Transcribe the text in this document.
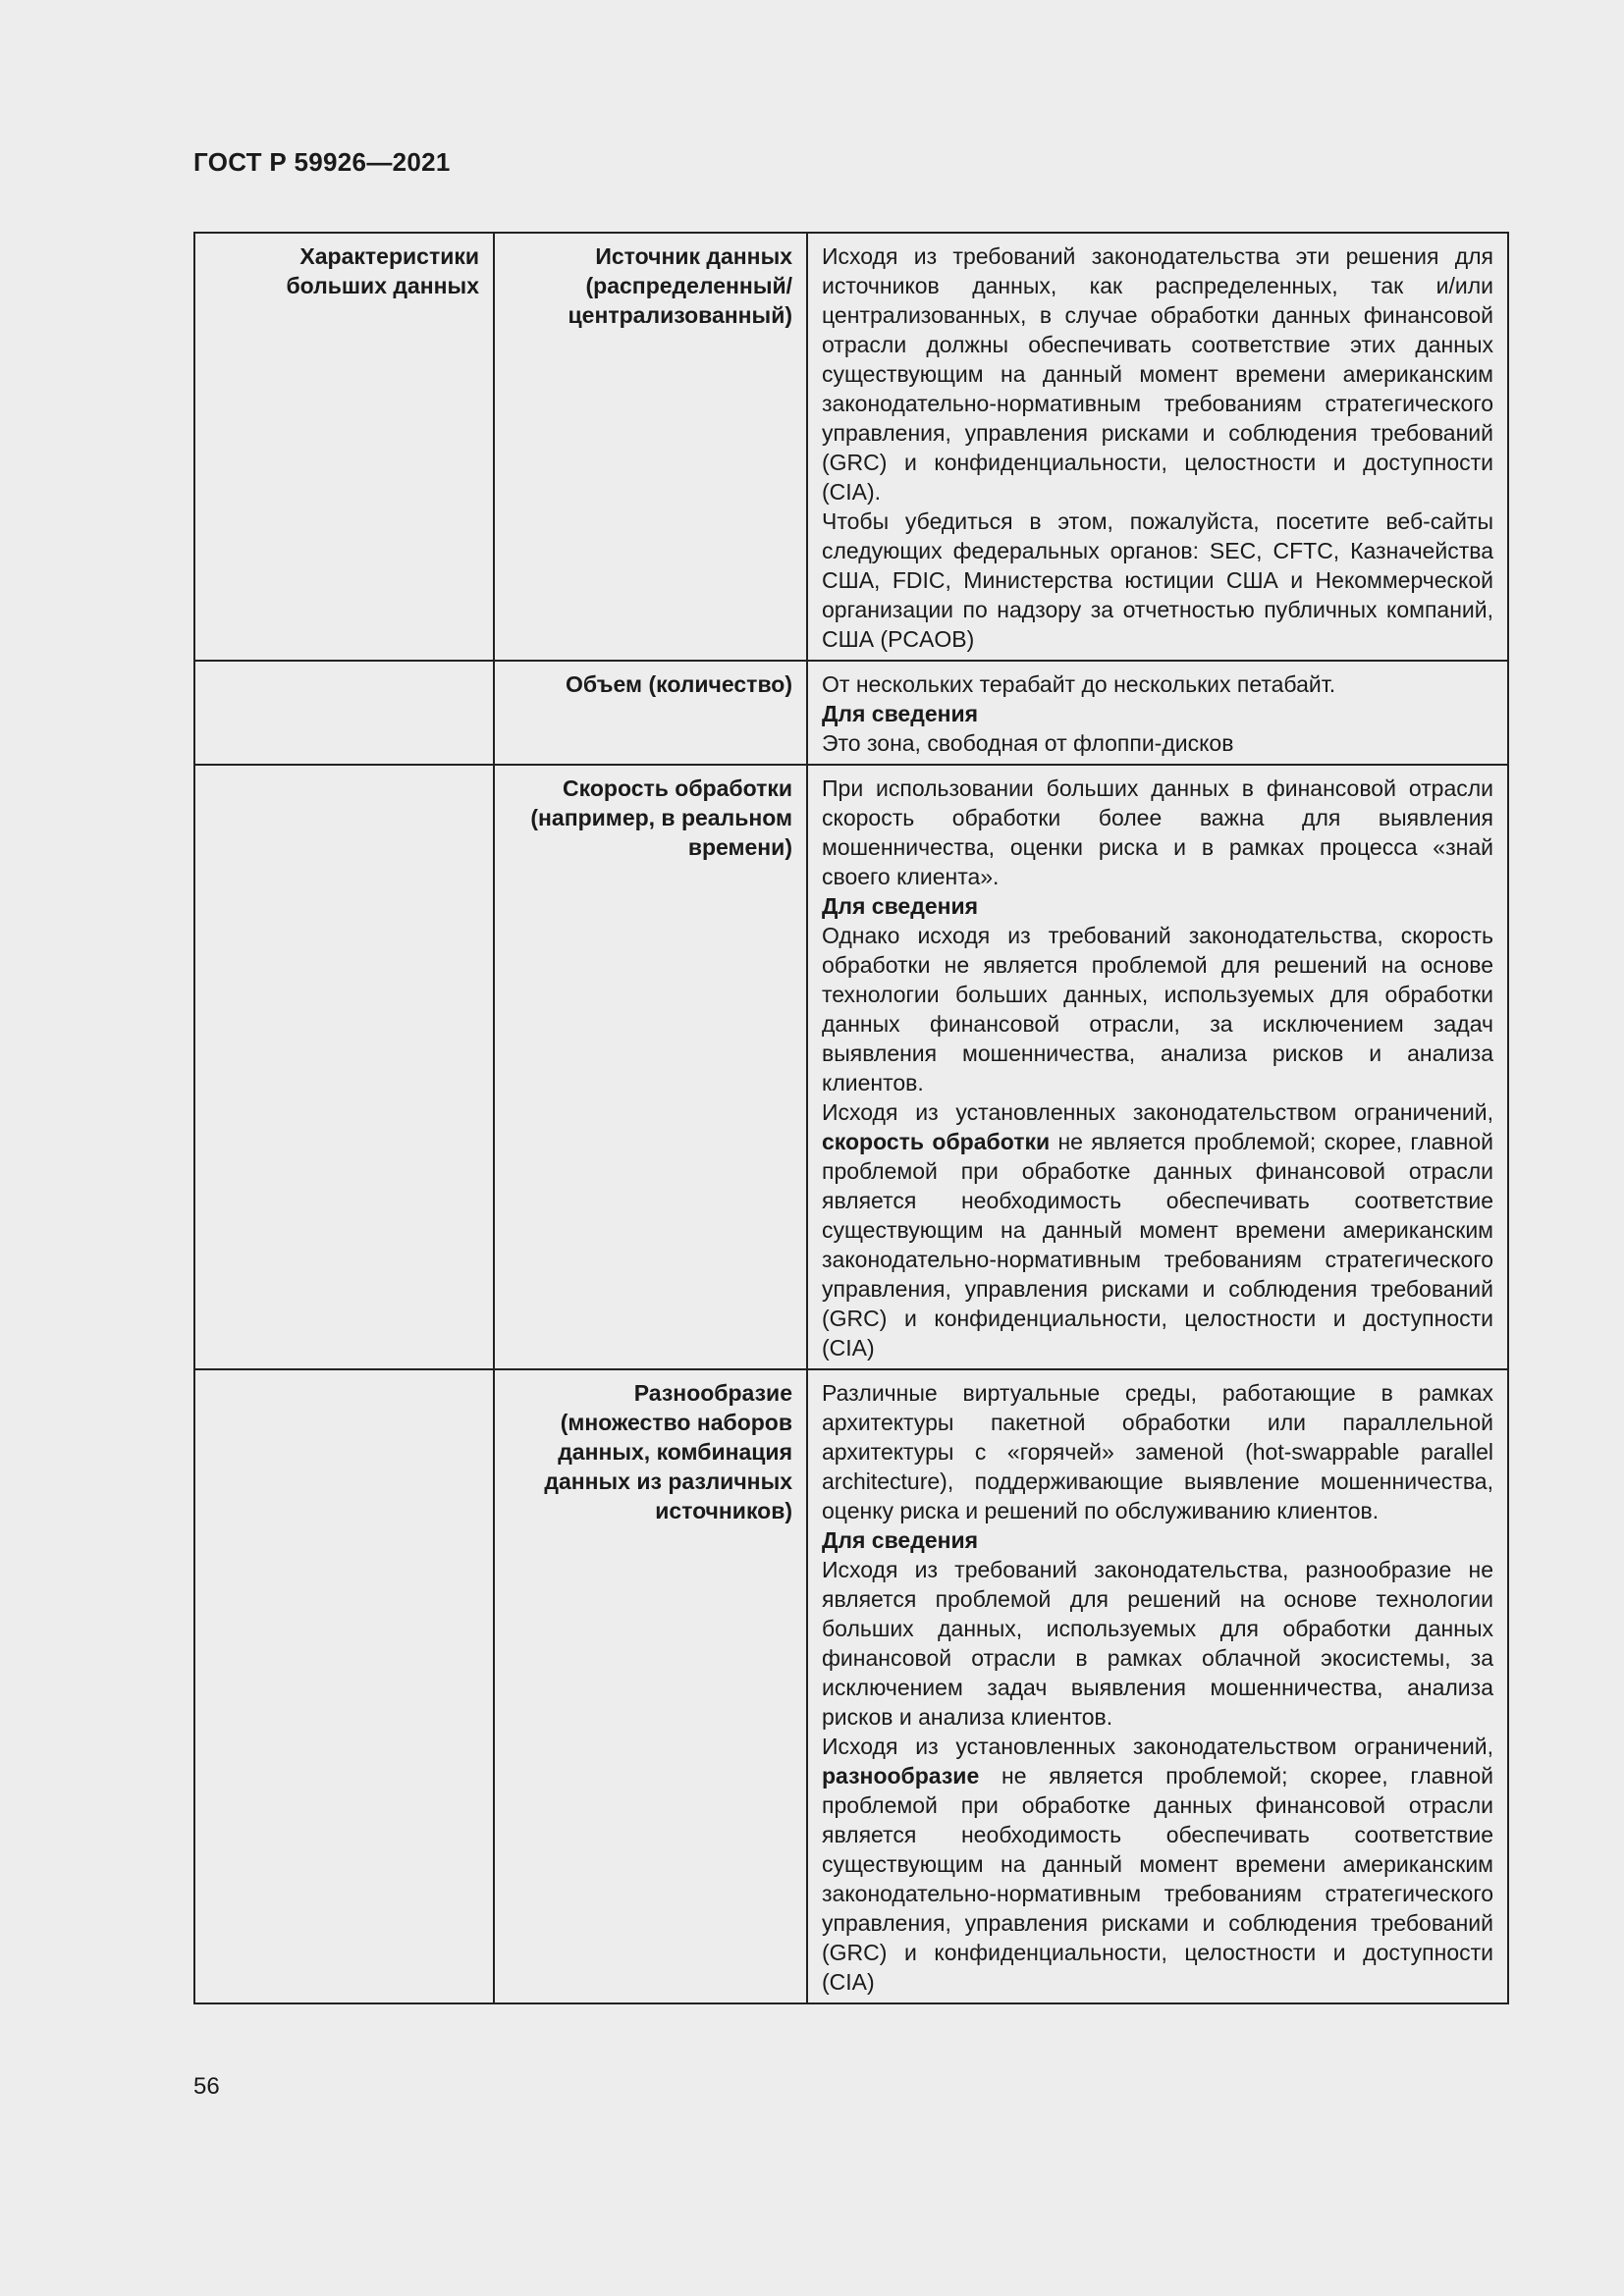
ГОСТ Р 59926—2021
Характеристики больших данных	Источник данных (распределенный/ централизованный)	Исходя из требований законодательства эти решения для источников данных, как распределенных, так и/или централизованных, в случае обработки данных финансовой отрасли должны обеспечивать соответствие этих данных существующим на данный момент времени американским законодательно-нормативным требованиям стратегического управления, управления рисками и соблюдения требований (GRC) и конфиденциальности, целостности и доступности (CIA).

Чтобы убедиться в этом, пожалуйста, посетите веб-сайты следующих федеральных органов: SEC, CFTC, Казначейства США, FDIC, Министерства юстиции США и Некоммерческой организации по надзору за отчетностью публичных компаний, США (PCAOB)

	Объем (количество)	От нескольких терабайт до нескольких петабайт.

Для сведения

Это зона, свободная от флоппи-дисков

	Скорость обработки (например, в реальном времени)	При использовании больших данных в финансовой отрасли скорость обработки более важна для выявления мошенничества, оценки риска и в рамках процесса «знай своего клиента».

Для сведения

Однако исходя из требований законодательства, скорость обработки не является проблемой для решений на основе технологии больших данных, используемых для обработки данных финансовой отрасли, за исключением задач выявления мошенничества, анализа рисков и анализа клиентов.

Исходя из установленных законодательством ограничений, скорость обработки не является проблемой; скорее, главной проблемой при обработке данных финансовой отрасли является необходимость обеспечивать соответствие существующим на данный момент времени американским законодательно-нормативным требованиям стратегического управления, управления рисками и соблюдения требований (GRC) и конфиденциальности, целостности и доступности (CIA)

	Разнообразие (множество наборов данных, комбинация данных из различных источников)	Различные виртуальные среды, работающие в рамках архитектуры пакетной обработки или параллельной архитектуры с «горячей» заменой (hot-swappable parallel architecture), поддерживающие выявление мошенничества, оценку риска и решений по обслуживанию клиентов.

Для сведения

Исходя из требований законодательства, разнообразие не является проблемой для решений на основе технологии больших данных, используемых для обработки данных финансовой отрасли в рамках облачной экосистемы, за исключением задач выявления мошенничества, анализа рисков и анализа клиентов.

Исходя из установленных законодательством ограничений, разнообразие не является проблемой; скорее, главной проблемой при обработке данных финансовой отрасли является необходимость обеспечивать соответствие существующим на данный момент времени американским законодательно-нормативным требованиям стратегического управления, управления рисками и соблюдения требований (GRC) и конфиденциальности, целостности и доступности (CIA)

56
